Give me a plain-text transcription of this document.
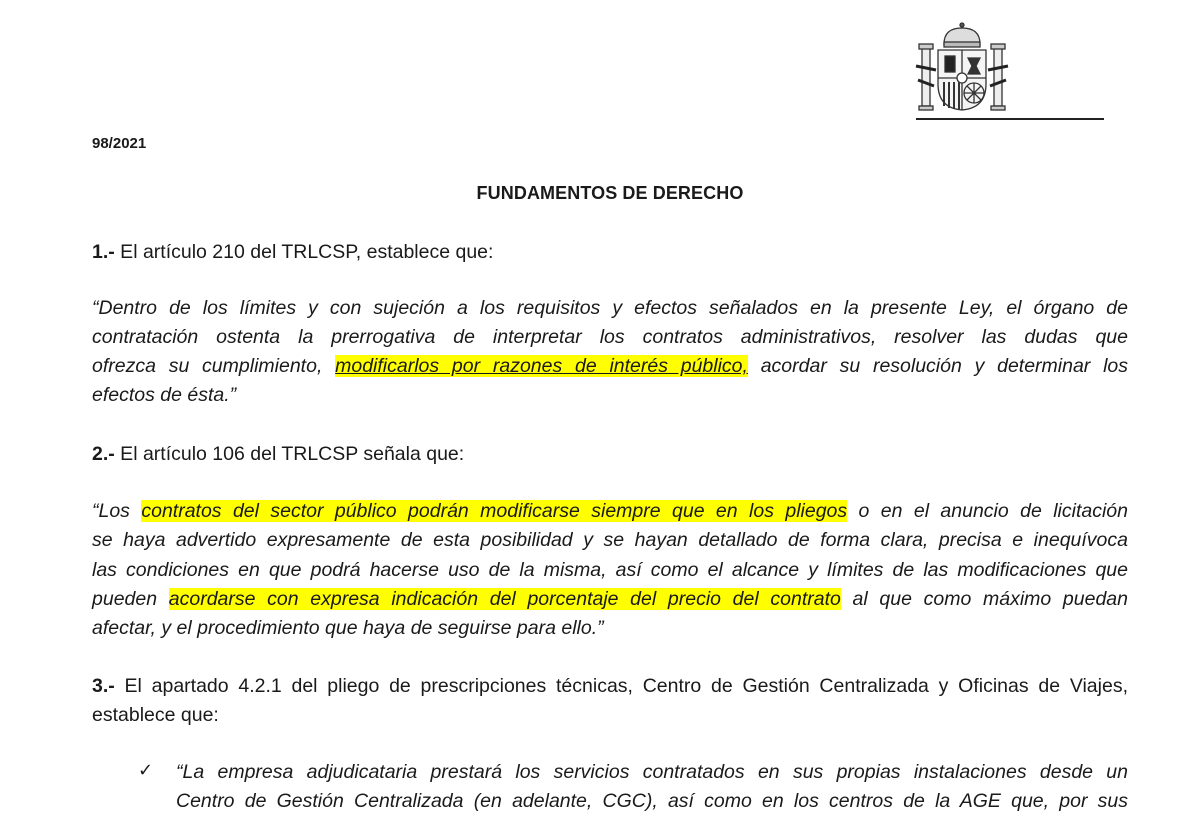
98/2021
FUNDAMENTOS DE DERECHO
1.- El artículo 210 del TRLCSP, establece que:
“Dentro de los límites y con sujeción a los requisitos y efectos señalados en la presente Ley, el órgano de
contratación ostenta la prerrogativa de interpretar los contratos administrativos, resolver las dudas que
ofrezca su cumplimiento, modificarlos por razones de interés público, acordar su resolución y determinar los
efectos de ésta.”
2.- El artículo 106 del TRLCSP señala que:
“Los contratos del sector público podrán modificarse siempre que en los pliegos o en el anuncio de licitación
se haya advertido expresamente de esta posibilidad y se hayan detallado de forma clara, precisa e inequívoca
las condiciones en que podrá hacerse uso de la misma, así como el alcance y límites de las modificaciones que
pueden acordarse con expresa indicación del porcentaje del precio del contrato al que como máximo puedan
afectar, y el procedimiento que haya de seguirse para ello.”
3.- El apartado 4.2.1 del pliego de prescripciones técnicas, Centro de Gestión Centralizada y Oficinas de Viajes,
establece que:
✓ “La empresa adjudicataria prestará los servicios contratados en sus propias instalaciones desde un
Centro de Gestión Centralizada (en adelante, CGC), así como en los centros de la AGE que, por sus
